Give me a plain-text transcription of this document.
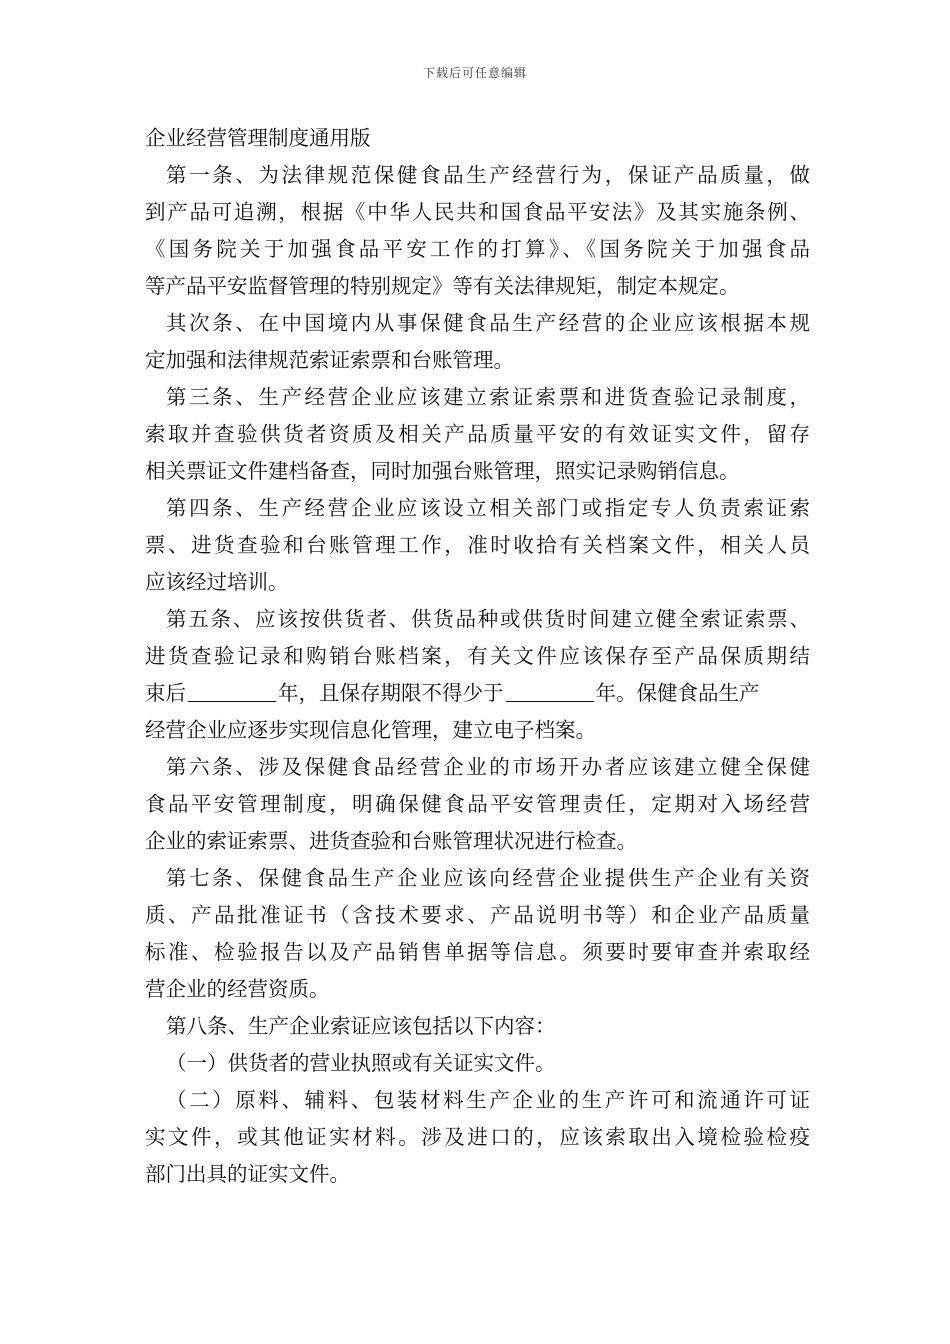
下载后可任意编辑
企业经营管理制度通用版
第一条、为法律规范保健食品生产经营行为，保证产品质量，做
到产品可追溯，根据《中华人民共和国食品平安法》及其实施条例、
《国务院关于加强食品平安工作的打算》、《国务院关于加强食品
等产品平安监督管理的特别规定》等有关法律规矩，制定本规定。
其次条、在中国境内从事保健食品生产经营的企业应该根据本规
定加强和法律规范索证索票和台账管理。
第三条、生产经营企业应该建立索证索票和进货查验记录制度，
索取并查验供货者资质及相关产品质量平安的有效证实文件，留存
相关票证文件建档备查，同时加强台账管理，照实记录购销信息。
第四条、生产经营企业应该设立相关部门或指定专人负责索证索
票、进货查验和台账管理工作，准时收拾有关档案文件，相关人员
应该经过培训。
第五条、应该按供货者、供货品种或供货时间建立健全索证索票、
进货查验记录和购销台账档案，有关文件应该保存至产品保质期结
束后	年，且保存期限不得少于	年。保健食品生产
经营企业应逐步实现信息化管理，建立电子档案。
第六条、涉及保健食品经营企业的市场开办者应该建立健全保健
食品平安管理制度，明确保健食品平安管理责任，定期对入场经营
企业的索证索票、进货查验和台账管理状况进行检查。
第七条、保健食品生产企业应该向经营企业提供生产企业有关资
质、产品批准证书（含技术要求、产品说明书等）和企业产品质量
标准、检验报告以及产品销售单据等信息。须要时要审查并索取经
营企业的经营资质。
第八条、生产企业索证应该包括以下内容：
（一）供货者的营业执照或有关证实文件。
（二）原料、辅料、包装材料生产企业的生产许可和流通许可证
实文件，或其他证实材料。涉及进口的，应该索取出入境检验检疫
部门出具的证实文件。
